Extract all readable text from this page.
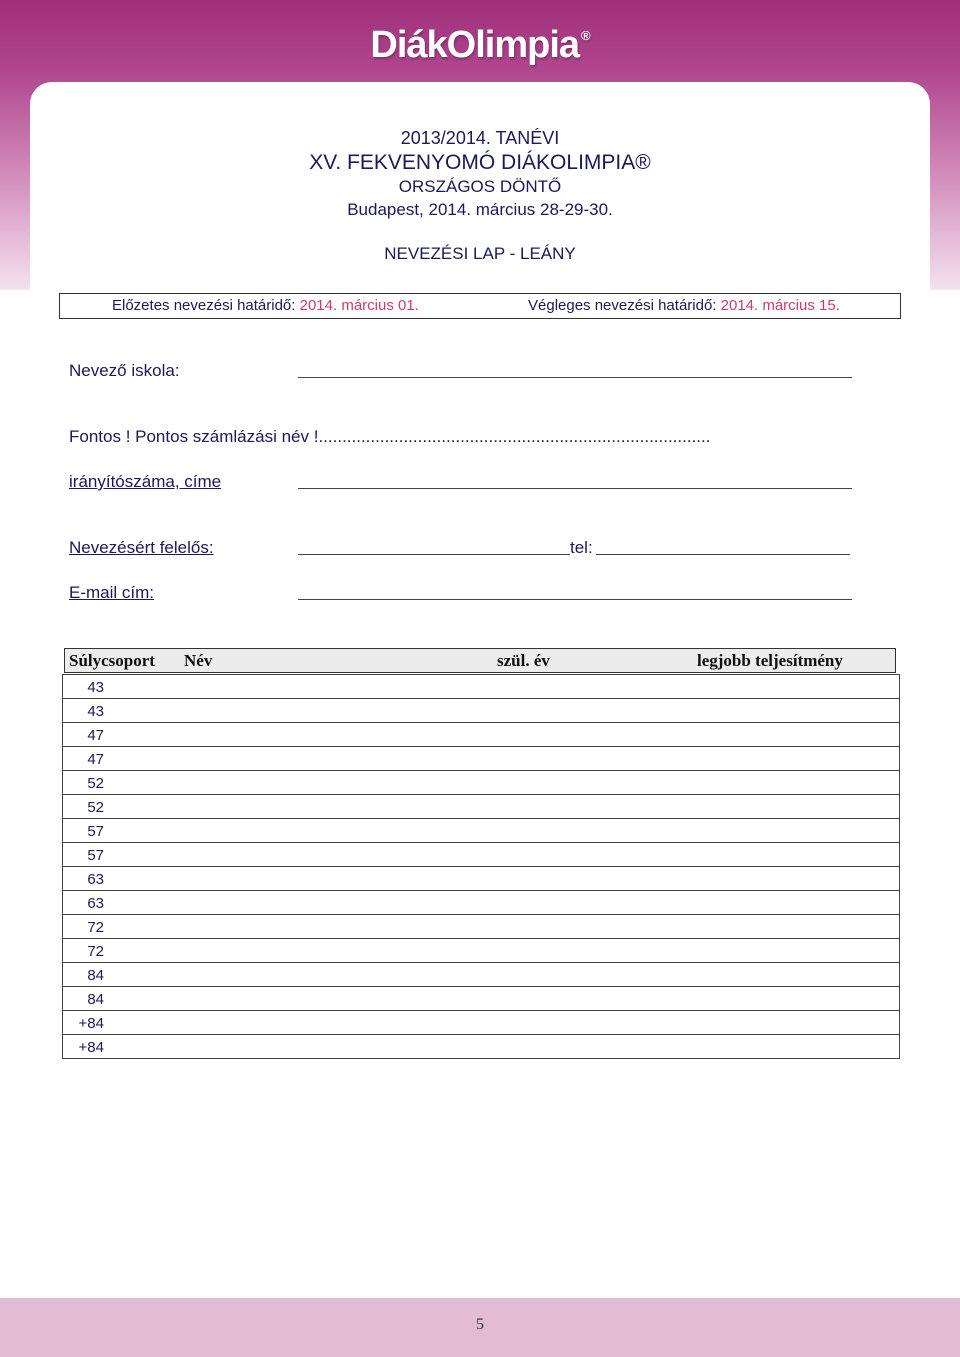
DiákOlimpia ®
2013/2014. TANÉVI
XV. FEKVENYOMÓ DIÁKOLIMPIA®
ORSZÁGOS DÖNTŐ
Budapest, 2014. március 28-29-30.
NEVEZÉSI LAP - LEÁNY
Előzetes nevezési határidő: 2014. március 01.	Végleges nevezési határidő: 2014. március 15.
Nevező iskola:
Fontos ! Pontos számlázási név !...................................................................................
irányítószáma, címe
Nevezésért felelős:	tel:
E-mail cím:
Súlycsoport Név	szül. év	legjobb teljesítmény
43
43
47
47
52
52
57
57
63
63
72
72
84
84
+84
+84
5
